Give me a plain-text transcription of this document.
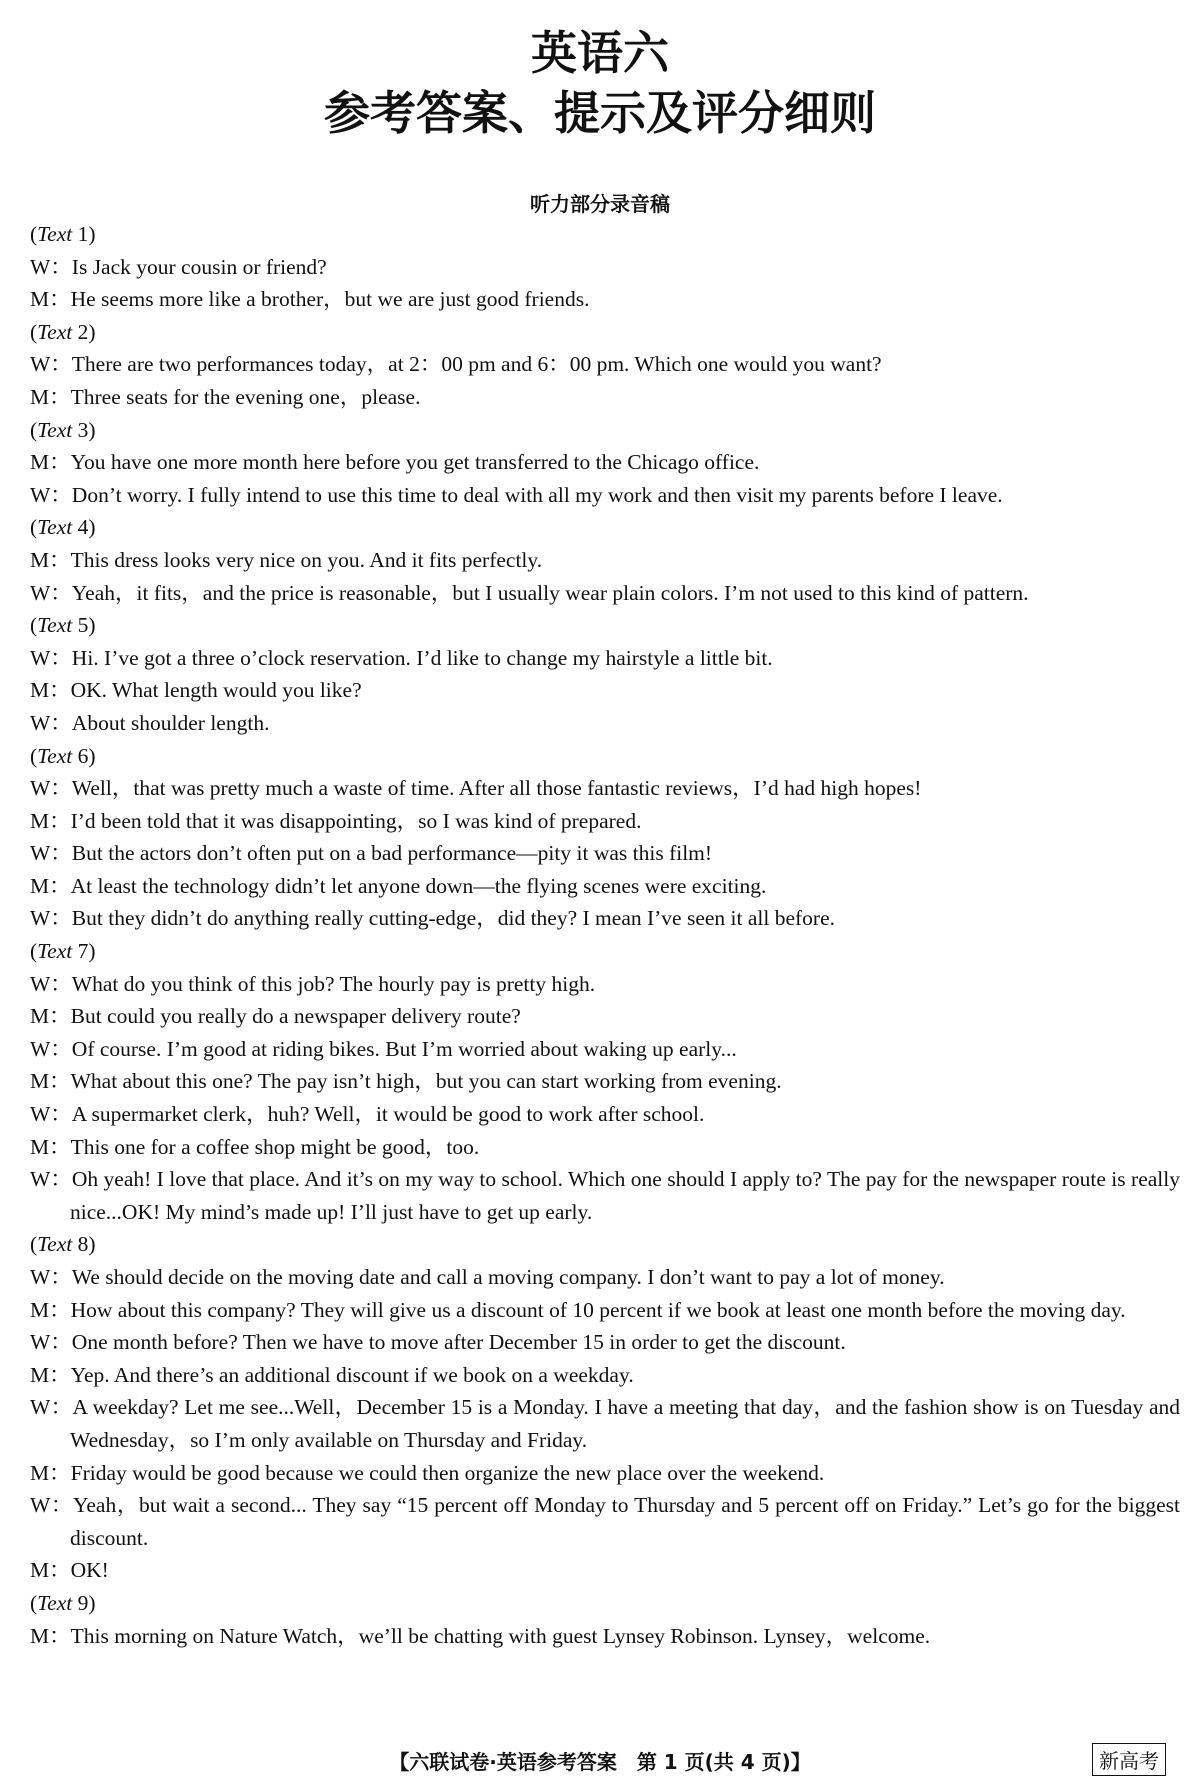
英语六
参考答案、提示及评分细则
听力部分录音稿
(Text 1)
W：Is Jack your cousin or friend?
M：He seems more like a brother，but we are just good friends.
(Text 2)
W：There are two performances today，at 2：00 pm and 6：00 pm. Which one would you want?
M：Three seats for the evening one，please.
(Text 3)
M：You have one more month here before you get transferred to the Chicago office.
W：Don’t worry. I fully intend to use this time to deal with all my work and then visit my parents before I leave.
(Text 4)
M：This dress looks very nice on you. And it fits perfectly.
W：Yeah，it fits，and the price is reasonable，but I usually wear plain colors. I’m not used to this kind of pattern.
(Text 5)
W：Hi. I’ve got a three o’clock reservation. I’d like to change my hairstyle a little bit.
M：OK. What length would you like?
W：About shoulder length.
(Text 6)
W：Well，that was pretty much a waste of time. After all those fantastic reviews，I’d had high hopes!
M：I’d been told that it was disappointing，so I was kind of prepared.
W：But the actors don’t often put on a bad performance—pity it was this film!
M：At least the technology didn’t let anyone down—the flying scenes were exciting.
W：But they didn’t do anything really cutting-edge，did they? I mean I’ve seen it all before.
(Text 7)
W：What do you think of this job? The hourly pay is pretty high.
M：But could you really do a newspaper delivery route?
W：Of course. I’m good at riding bikes. But I’m worried about waking up early...
M：What about this one? The pay isn’t high，but you can start working from evening.
W：A supermarket clerk，huh? Well，it would be good to work after school.
M：This one for a coffee shop might be good，too.
W：Oh yeah! I love that place. And it’s on my way to school. Which one should I apply to? The pay for the newspaper route is really nice...OK! My mind’s made up! I’ll just have to get up early.
(Text 8)
W：We should decide on the moving date and call a moving company. I don’t want to pay a lot of money.
M：How about this company? They will give us a discount of 10 percent if we book at least one month before the moving day.
W：One month before? Then we have to move after December 15 in order to get the discount.
M：Yep. And there’s an additional discount if we book on a weekday.
W：A weekday? Let me see...Well，December 15 is a Monday. I have a meeting that day，and the fashion show is on Tuesday and Wednesday，so I’m only available on Thursday and Friday.
M：Friday would be good because we could then organize the new place over the weekend.
W：Yeah，but wait a second... They say “15 percent off Monday to Thursday and 5 percent off on Friday.” Let’s go for the biggest discount.
M：OK!
(Text 9)
M：This morning on Nature Watch，we’ll be chatting with guest Lynsey Robinson. Lynsey，welcome.
【六联试卷·英语参考答案　第 1 页(共 4 页)】	新高考
